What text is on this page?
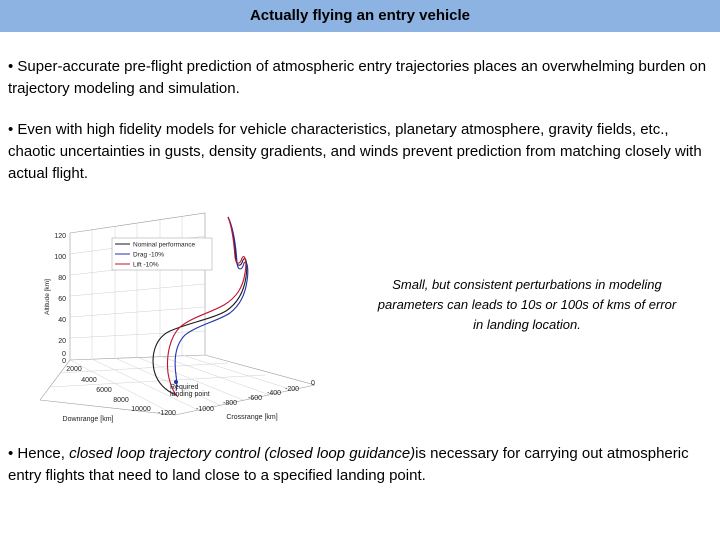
Actually flying an entry vehicle
• Super-accurate pre-flight prediction of atmospheric entry trajectories places an overwhelming burden on trajectory modeling and simulation.
• Even with high fidelity models for vehicle characteristics, planetary atmosphere, gravity fields, etc., chaotic uncertainties in gusts, density gradients, and winds prevent prediction from matching closely with actual flight.
120
100
80
60
40
20
0
Altitude [km]
0
2000
4000
6000
8000
10000
Downrange [km]
-1200
-1000
-800
-600
-400
-200
0
Crossrange [km]
Nominal performance
Drag -10%
Lift -10%
Required
landing point
Small, but consistent perturbations in modeling parameters can leads to 10s or 100s of kms of error in landing location.
• Hence, closed loop trajectory control (closed loop guidance)is necessary for carrying out atmospheric entry flights that need to land close to a specified landing point.
